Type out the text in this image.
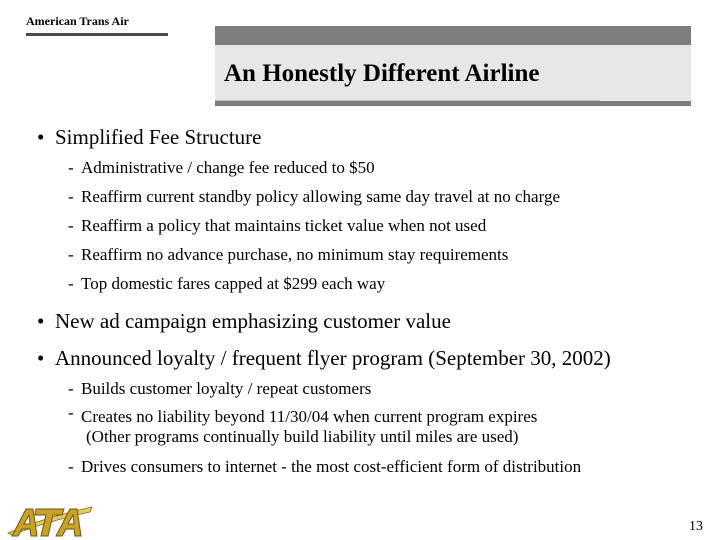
American Trans Air
An Honestly Different Airline
• Simplified Fee Structure
- Administrative / change fee reduced to $50
- Reaffirm current standby policy allowing same day travel at no charge
- Reaffirm a policy that maintains ticket value when not used
- Reaffirm no advance purchase, no minimum stay requirements
- Top domestic fares capped at $299 each way
• New ad campaign emphasizing customer value
• Announced loyalty / frequent flyer program (September 30, 2002)
- Builds customer loyalty / repeat customers
- Creates no liability beyond 11/30/04 when current program expires
(Other programs continually build liability until miles are used)
- Drives consumers to internet - the most cost-efficient form of distribution
13
